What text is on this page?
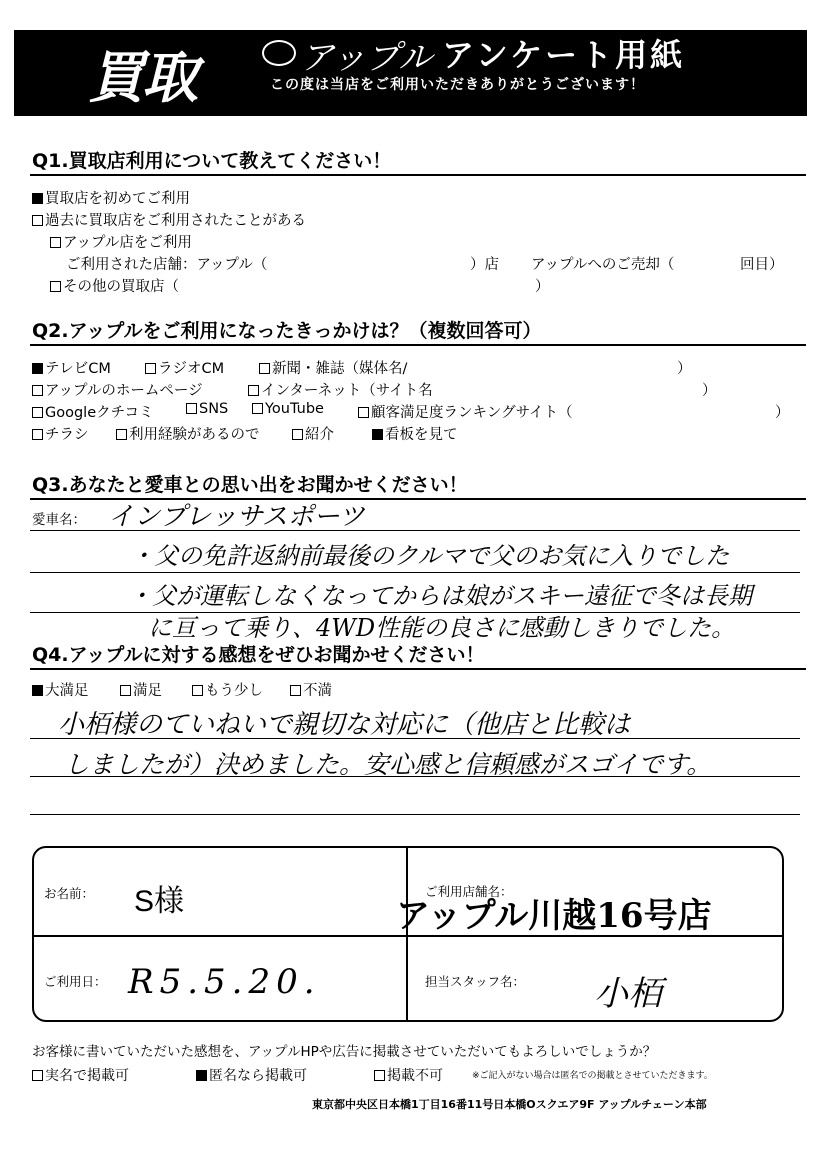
買取	アップル アンケート用紙
この度は当店をご利用いただきありがとうございます！
Q1.買取店利用について教えてください！
買取店を初めてご利用
過去に買取店をご利用されたことがある
アップル店をご利用
ご利用された店舗：アップル（	）店 アップルへのご売却（	回目）
その他の買取店（	）
Q2.アップルをご利用になったきっかけは？（複数回答可）
テレビCM	ラジオCM	新聞・雑誌（媒体名/	）
アップルのホームページ	インターネット（サイト名	）
Googleクチコミ	SNS	YouTube	顧客満足度ランキングサイト（	）
チラシ	利用経験があるので	紹介	看板を見て
Q3.あなたと愛車との思い出をお聞かせください！
愛車名： インプレッサスポーツ
・父の免許返納前最後のクルマで父のお気に入りでした
・父が運転しなくなってからは娘がスキー遠征で冬は長期
に亘って乗り、4WD性能の良さに感動しきりでした。
Q4.アップルに対する感想をぜひお聞かせください！
大満足	満足	もう少し	不満
小栢様のていねいで親切な対応に（他店と比較は
しましたが）決めました。安心感と信頼感がスゴイです。
お名前： S様	ご利用店舗名：
アップル川越16号店
ご利用日： R5.5.20.	担当スタッフ名： 小栢
お客様に書いていただいた感想を、アップルHPや広告に掲載させていただいてもよろしいでしょうか？
実名で掲載可	匿名なら掲載可	掲載不可	※ご記入がない場合は匿名での掲載とさせていただきます。
東京都中央区日本橋1丁目16番11号日本橋Oスクエア9F アップルチェーン本部
